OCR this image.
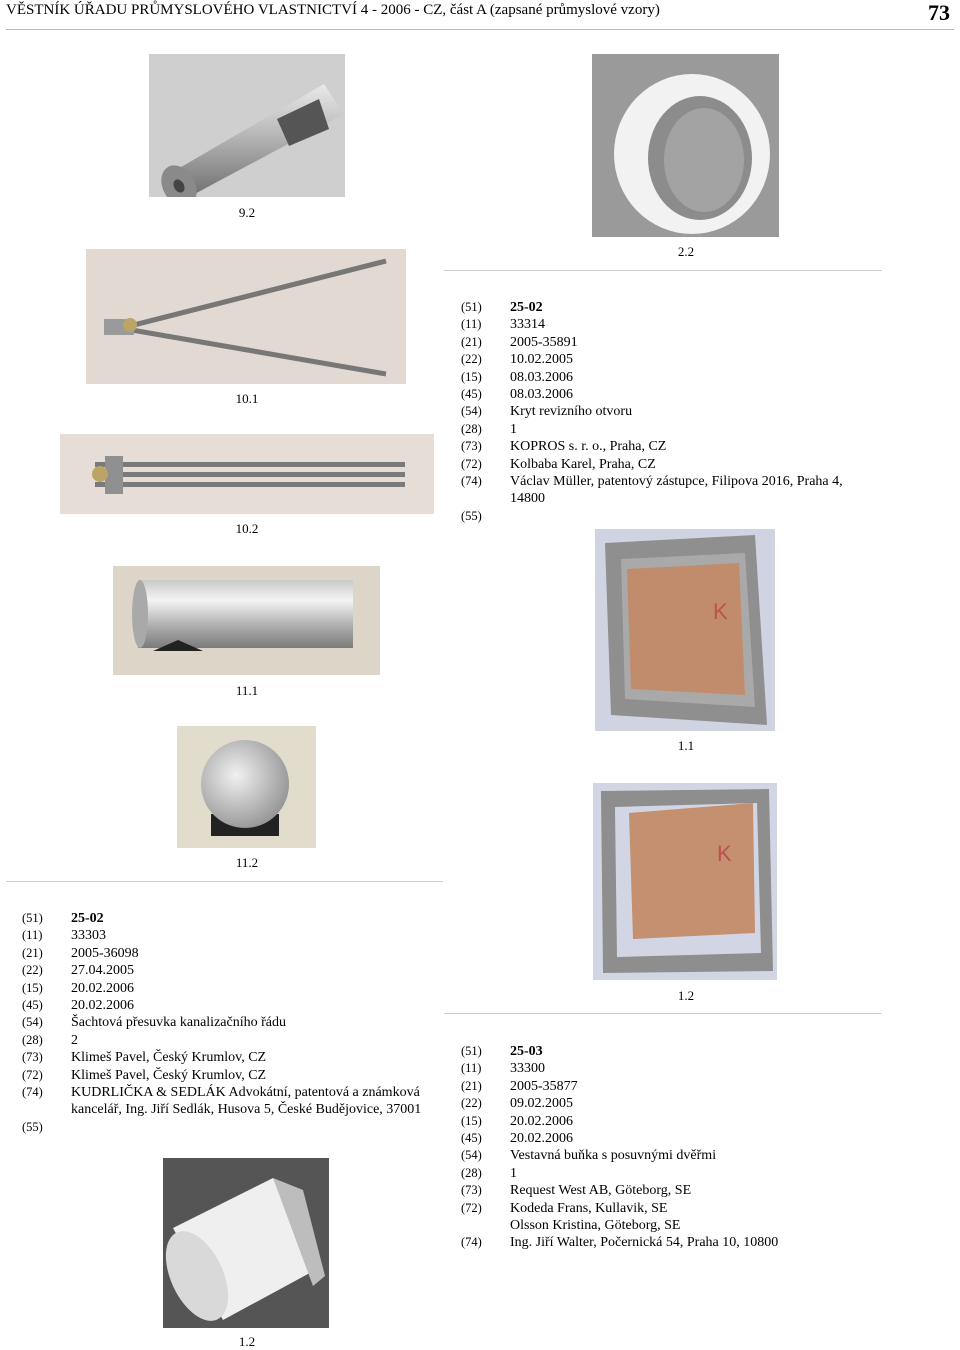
VĚSTNÍK ÚŘADU PRŮMYSLOVÉHO VLASTNICTVÍ 4 - 2006 - CZ, část A (zapsané průmyslové vzory)	73
9.2
2.2
10.1
10.2
(51)	25-02
(11)	33314
(21)	2005-35891
(22)	10.02.2005
(15)	08.03.2006
(45)	08.03.2006
(54)	Kryt revizního otvoru
(28)	1
(73)	KOPROS s. r. o., Praha, CZ
(72)	Kolbaba Karel, Praha, CZ
(74)	Václav Müller, patentový zástupce, Filipova 2016, Praha 4, 14800
(55)
11.1
K
1.1
11.2	K
1.2
(51)	25-02
(11)	33303
(21)	2005-36098
(22)	27.04.2005
(15)	20.02.2006
(45)	20.02.2006
(54)	Šachtová přesuvka kanalizačního řádu
(28)	2
(73)	Klimeš Pavel, Český Krumlov, CZ
(72)	Klimeš Pavel, Český Krumlov, CZ
(74)	KUDRLIČKA & SEDLÁK Advokátní, patentová a známková kancelář, Ing. Jiří Sedlák, Husova 5, České Budějovice, 37001
(55)
(51)	25-03
(11)	33300
(21)	2005-35877
(22)	09.02.2005
(15)	20.02.2006
(45)	20.02.2006
(54)	Vestavná buňka s posuvnými dvěřmi
(28)	1
(73)	Request West AB, Göteborg, SE
(72)	Kodeda Frans, Kullavik, SE
Olsson Kristina, Göteborg, SE
(74)	Ing. Jiří Walter, Počernická 54, Praha 10, 10800
1.2
